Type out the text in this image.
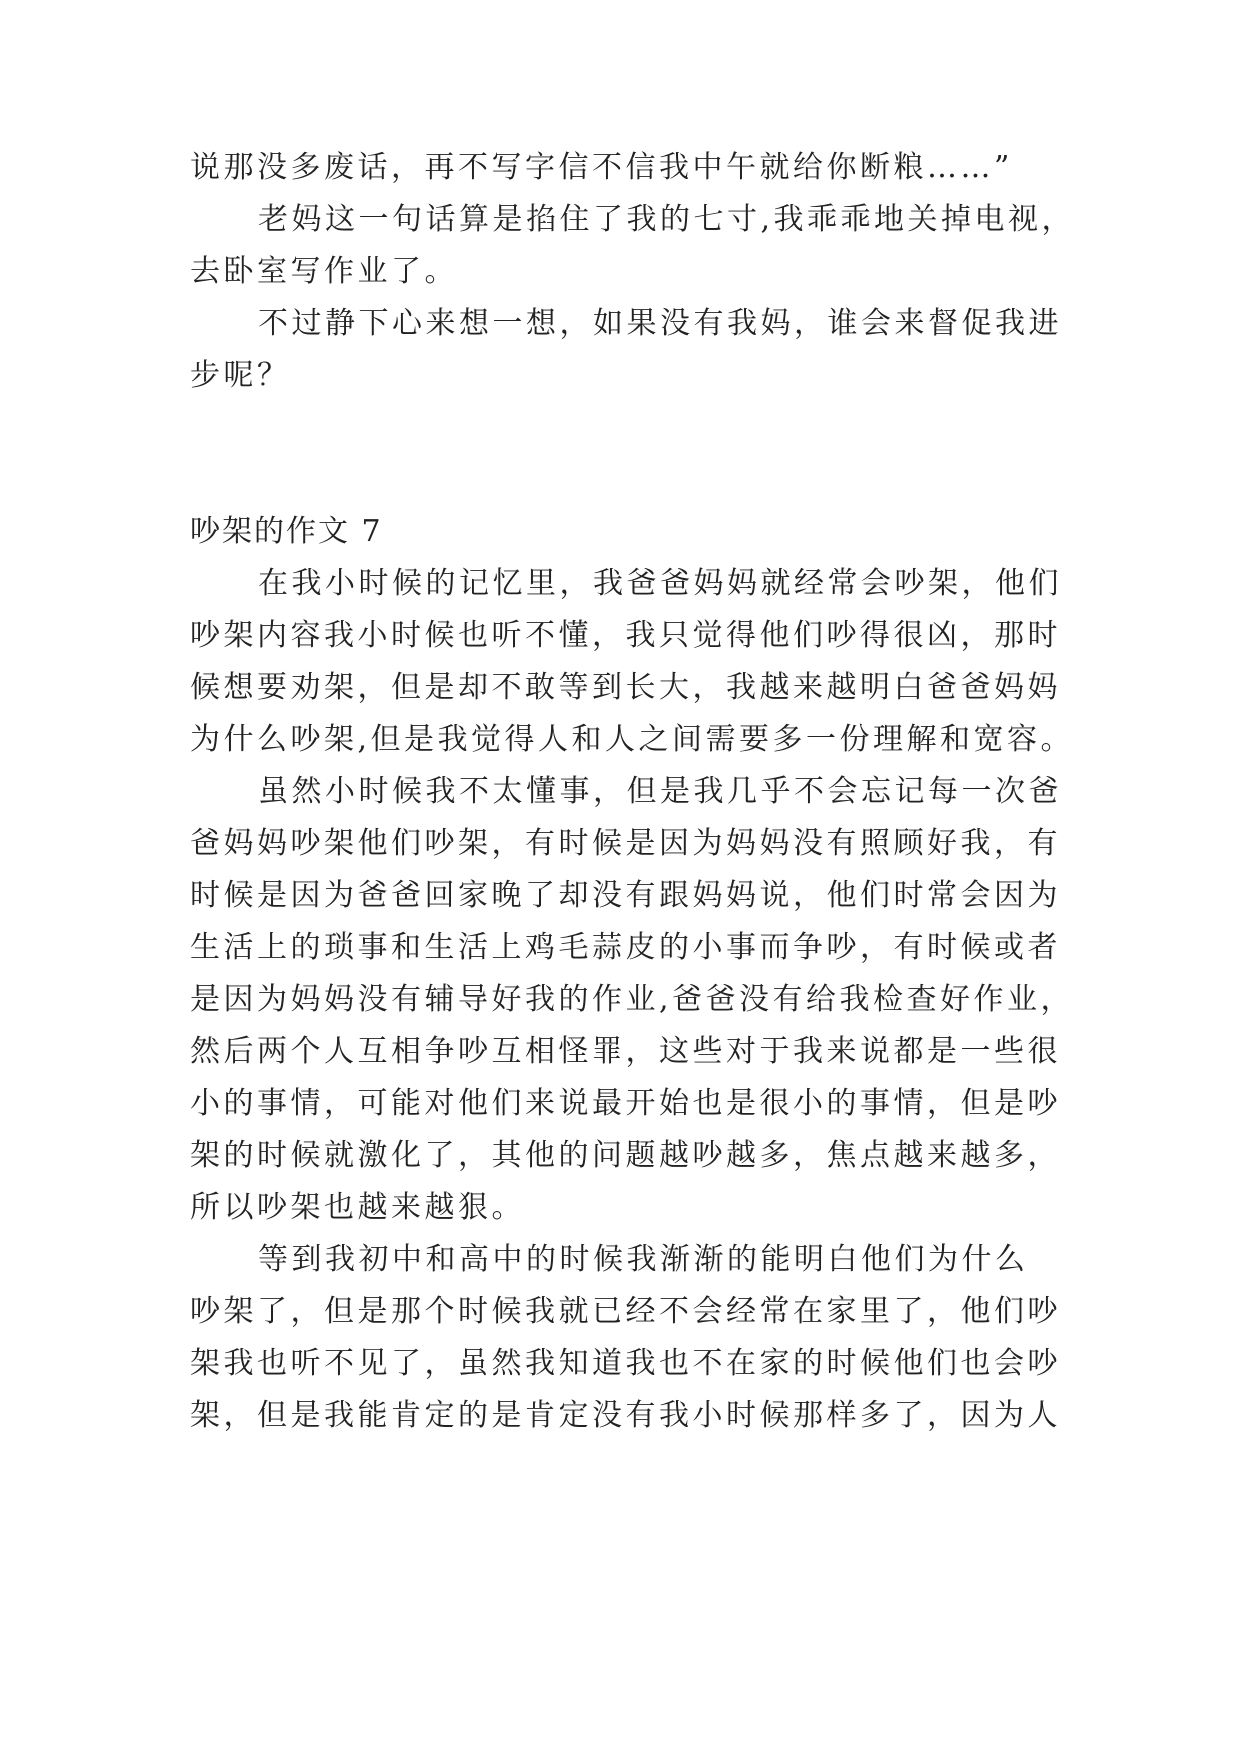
说那没多废话，再不写字信不信我中午就给你断粮……”
老妈这一句话算是掐住了我的七寸,我乖乖地关掉电视，
去卧室写作业了。
不过静下心来想一想，如果没有我妈，谁会来督促我进
步呢？
吵架的作文 7
在我小时候的记忆里，我爸爸妈妈就经常会吵架，他们
吵架内容我小时候也听不懂，我只觉得他们吵得很凶，那时
候想要劝架，但是却不敢等到长大，我越来越明白爸爸妈妈
为什么吵架,但是我觉得人和人之间需要多一份理解和宽容。
虽然小时候我不太懂事，但是我几乎不会忘记每一次爸
爸妈妈吵架他们吵架，有时候是因为妈妈没有照顾好我，有
时候是因为爸爸回家晚了却没有跟妈妈说，他们时常会因为
生活上的琐事和生活上鸡毛蒜皮的小事而争吵，有时候或者
是因为妈妈没有辅导好我的作业,爸爸没有给我检查好作业，
然后两个人互相争吵互相怪罪，这些对于我来说都是一些很
小的事情，可能对他们来说最开始也是很小的事情，但是吵
架的时候就激化了，其他的问题越吵越多，焦点越来越多，
所以吵架也越来越狠。
等到我初中和高中的时候我渐渐的能明白他们为什么
吵架了，但是那个时候我就已经不会经常在家里了，他们吵
架我也听不见了，虽然我知道我也不在家的时候他们也会吵
架，但是我能肯定的是肯定没有我小时候那样多了，因为人
